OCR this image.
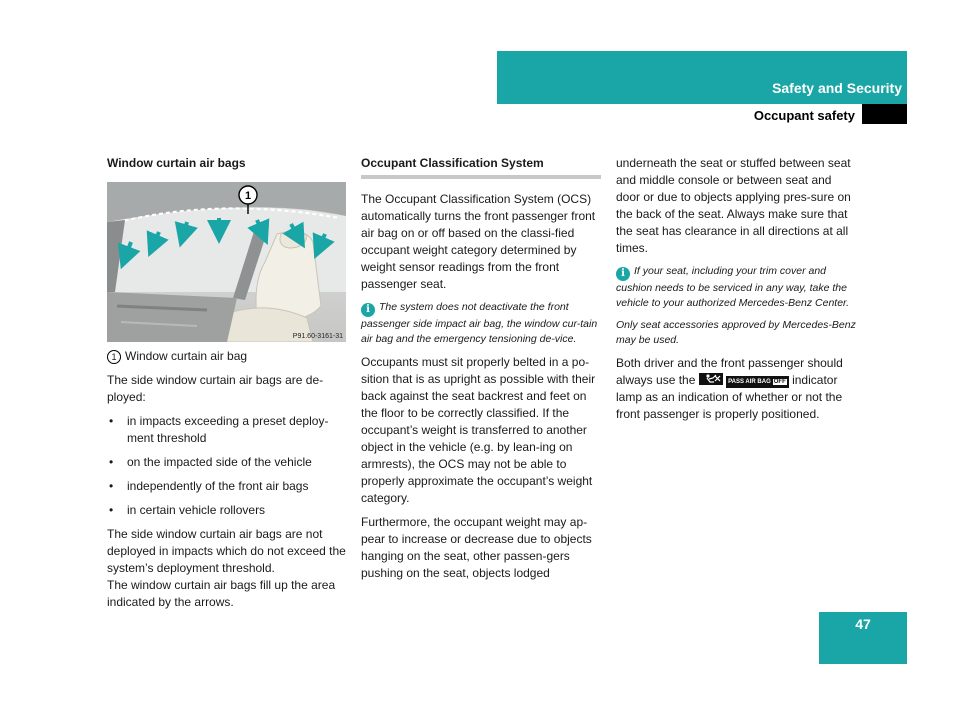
Safety and Security
Occupant safety
Window curtain air bags
1
P91.60-3161-31

1 Window curtain air bag

The side window curtain air bags are de-ployed:

• in impacts exceeding a preset deploy-ment threshold
• on the impacted side of the vehicle
• independently of the front air bags
• in certain vehicle rollovers

The side window curtain air bags are not deployed in impacts which do not exceed the system’s deployment threshold.

The window curtain air bags fill up the area indicated by the arrows.

Occupant Classification System

The Occupant Classification System (OCS) automatically turns the front passenger front air bag on or off based on the classi-fied occupant weight category determined by weight sensor readings from the front passenger seat.

i The system does not deactivate the front passenger side impact air bag, the window cur-tain air bag and the emergency tensioning de-vice.

Occupants must sit properly belted in a po-sition that is as upright as possible with their back against the seat backrest and feet on the floor to be correctly classified. If the occupant’s weight is transferred to another object in the vehicle (e.g. by lean-ing on armrests), the OCS may not be able to properly approximate the occupant’s weight category.

Furthermore, the occupant weight may ap-pear to increase or decrease due to objects hanging on the seat, other passen-gers pushing on the seat, objects lodged

underneath the seat or stuffed between seat and middle console or between seat and door or due to objects applying pres-sure on the back of the seat. Always make sure that the seat has clearance in all directions at all times.

i If your seat, including your trim cover and cushion needs to be serviced in any way, take the vehicle to your authorized Mercedes-Benz Center.

Only seat accessories approved by Mercedes-Benz may be used.

Both driver and the front passenger should always use the	PASS AIR BAG OFF indicator lamp as an indication of whether or not the front passenger is properly positioned.

47
